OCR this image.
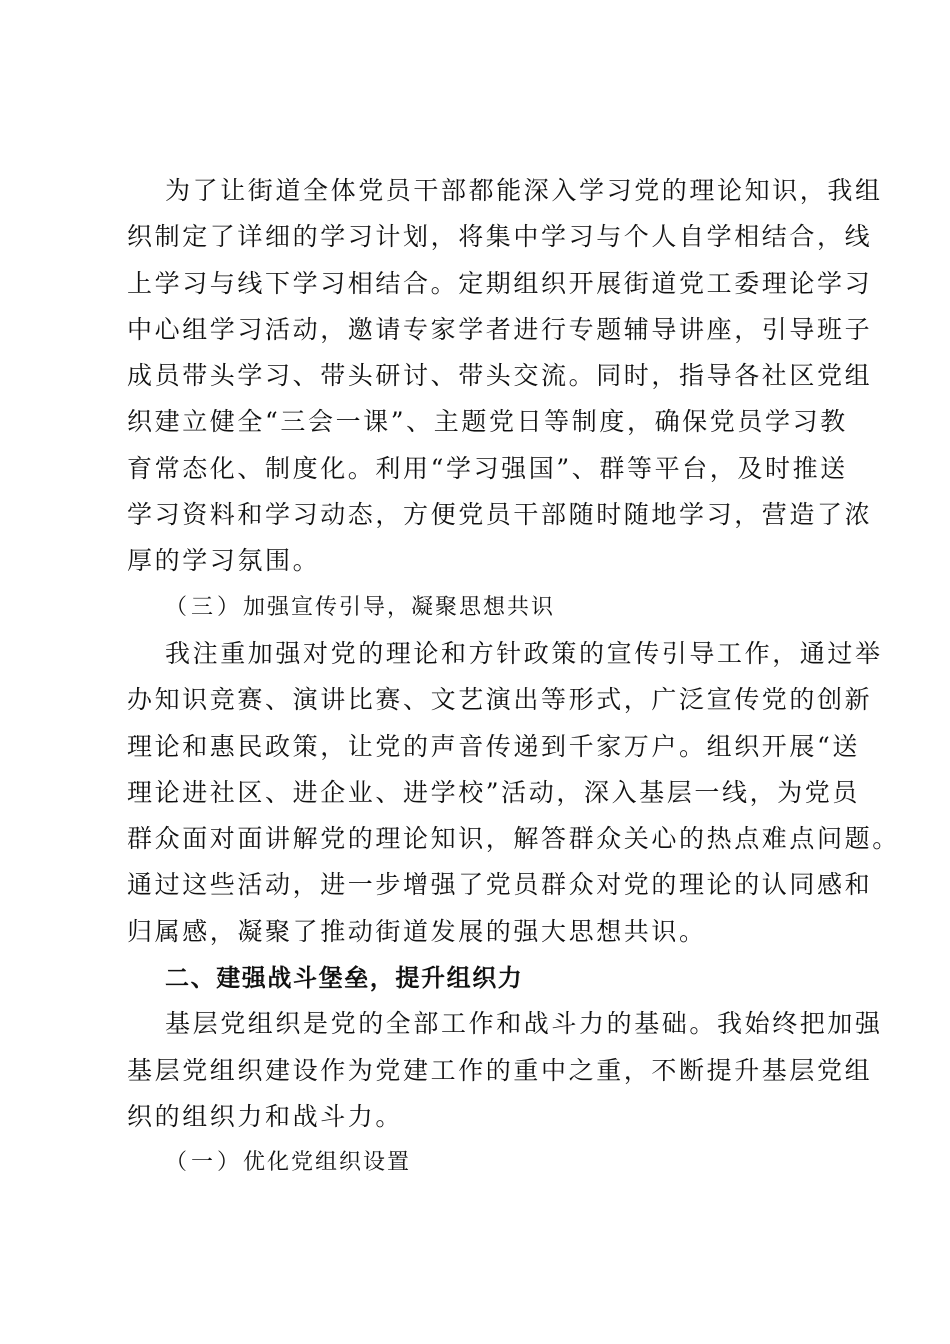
为了让街道全体党员干部都能深入学习党的理论知识，我组
织制定了详细的学习计划，将集中学习与个人自学相结合，线
上学习与线下学习相结合。定期组织开展街道党工委理论学习
中心组学习活动，邀请专家学者进行专题辅导讲座，引导班子
成员带头学习、带头研讨、带头交流。同时，指导各社区党组
织建立健全“三会一课”、主题党日等制度，确保党员学习教
育常态化、制度化。利用“学习强国”、群等平台，及时推送
学习资料和学习动态，方便党员干部随时随地学习，营造了浓
厚的学习氛围。
（三）加强宣传引导，凝聚思想共识
我注重加强对党的理论和方针政策的宣传引导工作，通过举
办知识竞赛、演讲比赛、文艺演出等形式，广泛宣传党的创新
理论和惠民政策，让党的声音传递到千家万户。组织开展“送
理论进社区、进企业、进学校”活动，深入基层一线，为党员
群众面对面讲解党的理论知识，解答群众关心的热点难点问题。
通过这些活动，进一步增强了党员群众对党的理论的认同感和
归属感，凝聚了推动街道发展的强大思想共识。
二、建强战斗堡垒，提升组织力
基层党组织是党的全部工作和战斗力的基础。我始终把加强
基层党组织建设作为党建工作的重中之重，不断提升基层党组
织的组织力和战斗力。
（一）优化党组织设置
